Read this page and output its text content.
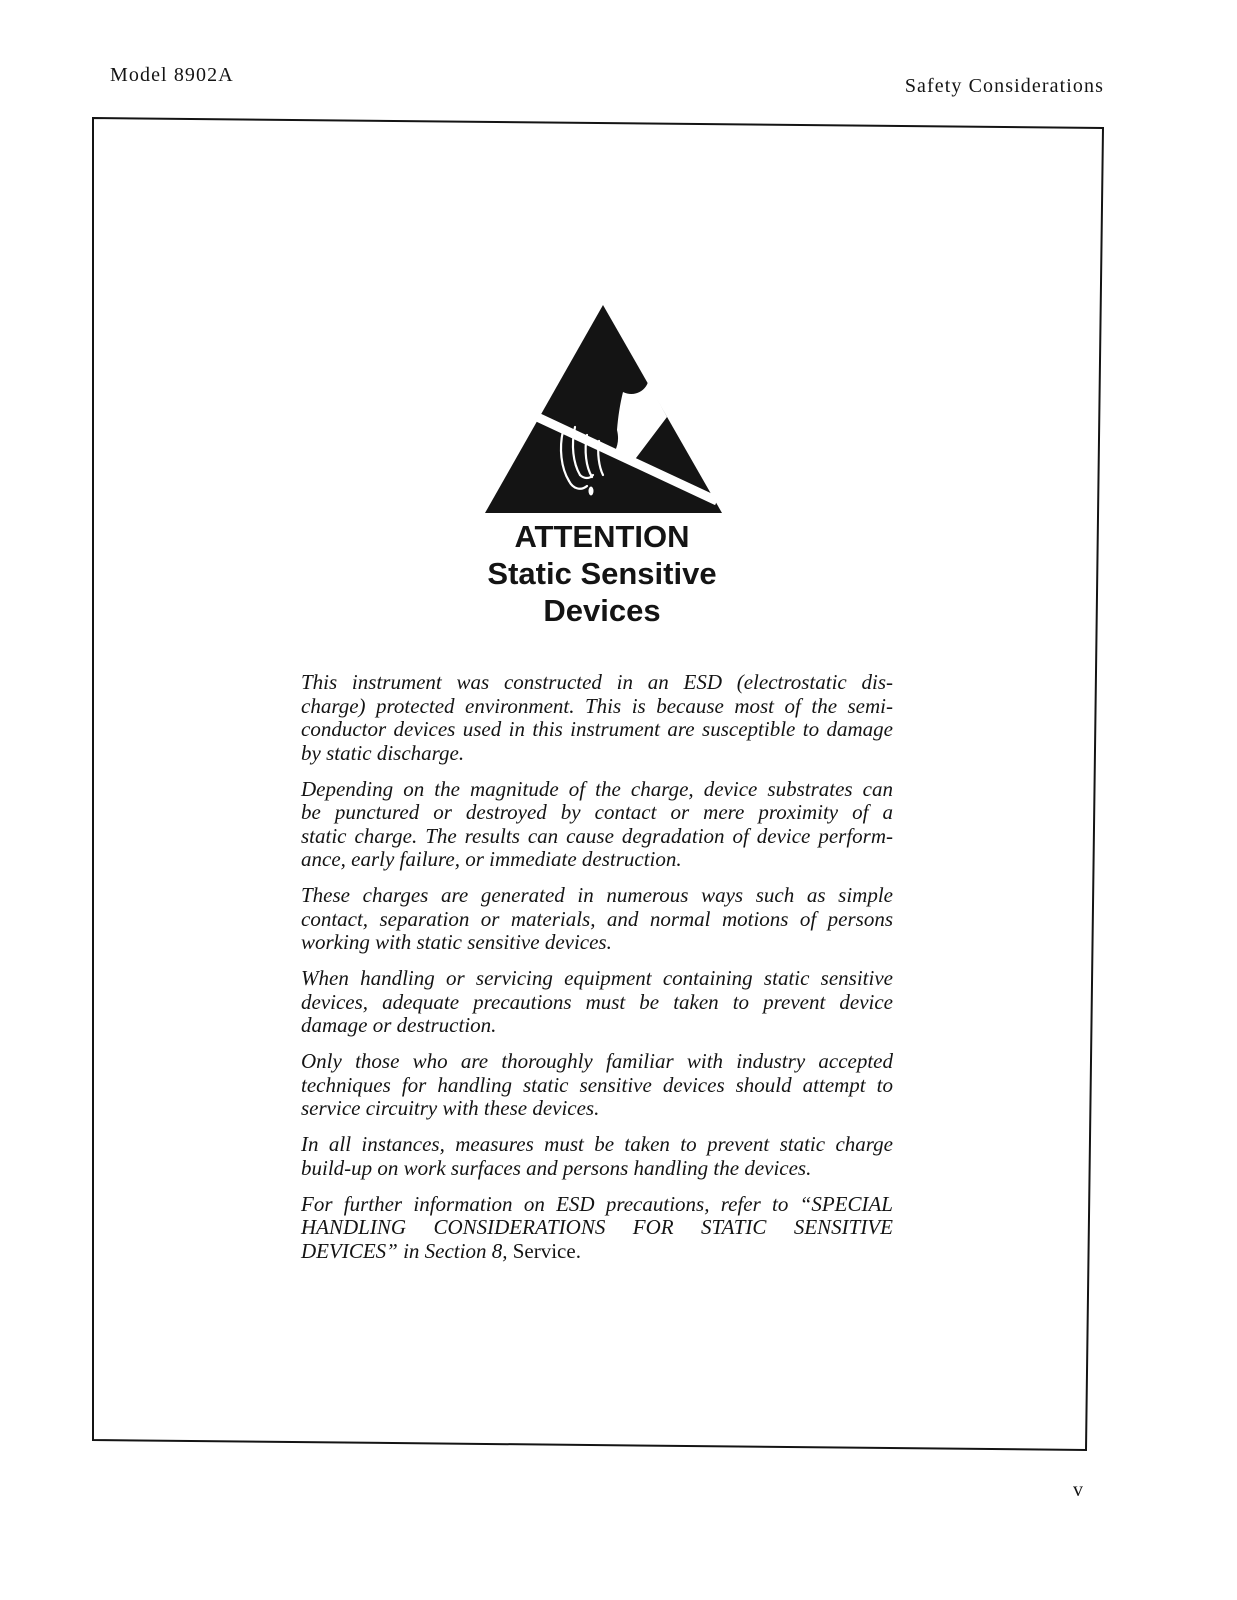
Model 8902A	Safety Considerations
ATTENTION
Static Sensitive
Devices
This instrument was constructed in an ESD (electrostatic dis-
charge) protected environment. This is because most of the semi-
conductor devices used in this instrument are susceptible to damage
by static discharge.
Depending on the magnitude of the charge, device substrates can
be punctured or destroyed by contact or mere proximity of a
static charge. The results can cause degradation of device perform-
ance, early failure, or immediate destruction.
These charges are generated in numerous ways such as simple
contact, separation or materials, and normal motions of persons
working with static sensitive devices.
When handling or servicing equipment containing static sensitive
devices, adequate precautions must be taken to prevent device
damage or destruction.
Only those who are thoroughly familiar with industry accepted
techniques for handling static sensitive devices should attempt to
service circuitry with these devices.
In all instances, measures must be taken to prevent static charge
build-up on work surfaces and persons handling the devices.
For further information on ESD precautions, refer to “SPECIAL
HANDLING CONSIDERATIONS FOR STATIC SENSITIVE
DEVICES” in Section 8, Service.
v
